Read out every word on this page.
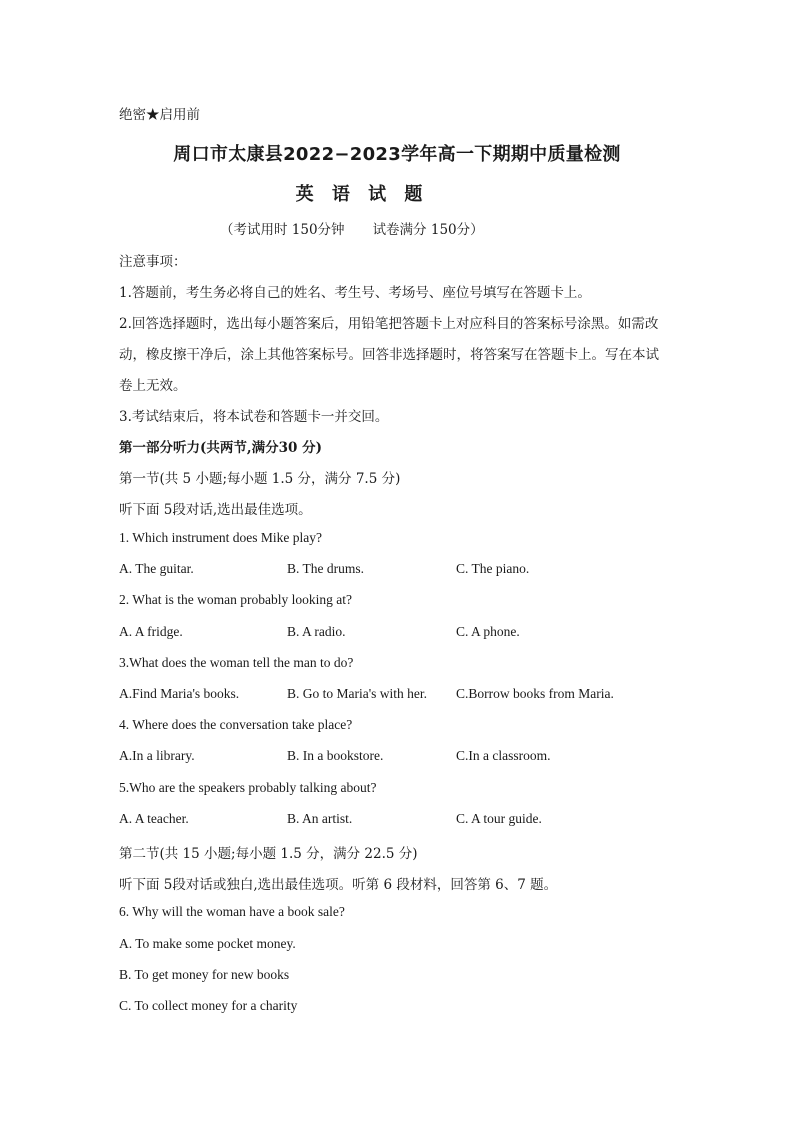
绝密★启用前
周口市太康县2022−2023学年高一下期期中质量检测
英 语 试 题
（考试用时 150分钟 试卷满分 150分）
注意事项：
1.答题前，考生务必将自己的姓名、考生号、考场号、座位号填写在答题卡上。
2.回答选择题时，选出每小题答案后，用铅笔把答题卡上对应科目的答案标号涂黑。如需改
动，橡皮擦干净后，涂上其他答案标号。回答非选择题时，将答案写在答题卡上。写在本试
卷上无效。
3.考试结束后，将本试卷和答题卡一并交回。
第一部分听力(共两节,满分30 分)
第一节(共 5 小题;每小题 1.5 分，满分 7.5 分)
听下面 5段对话,选出最佳选项。
1. Which instrument does Mike play?
A. The guitar.	B. The drums.	C. The piano.
2. What is the woman probably looking at?
A. A fridge.	B. A radio.	C. A phone.
3.What does the woman tell the man to do?
A.Find Maria's books.	B. Go to Maria's with her. C.Borrow books from Maria.
4. Where does the conversation take place?
A.In a library.	B. In a bookstore.	C.In a classroom.
5.Who are the speakers probably talking about?
A. A teacher.	B. An artist.	C. A tour guide.
第二节(共 15 小题;每小题 1.5 分，满分 22.5 分)
听下面 5段对话或独白,选出最佳选项。听第 6 段材料，回答第 6、7 题。
6. Why will the woman have a book sale?
A. To make some pocket money.
B. To get money for new books
C. To collect money for a charity
